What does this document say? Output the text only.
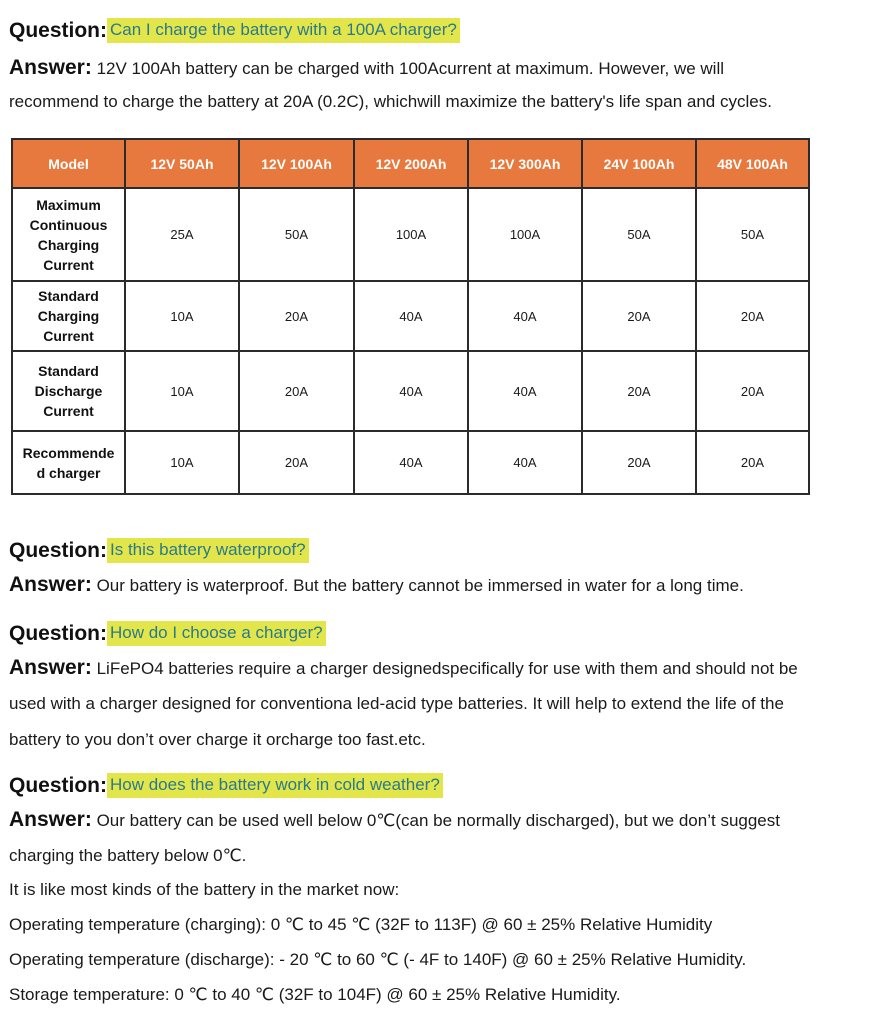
Question: Can I charge the battery with a 100A charger?
Answer: 12V 100Ah battery can be charged with 100Acurrent at maximum. However, we will
recommend to charge the battery at 20A (0.2C), whichwill maximize the battery's life span and cycles.
Model	12V 50Ah	12V 100Ah	12V 200Ah	12V 300Ah	24V 100Ah	48V 100Ah
Maximum
Continuous
Charging
Current	25A	50A	100A	100A	50A	50A
Standard
Charging
Current	10A	20A	40A	40A	20A	20A
Standard
Discharge
Current	10A	20A	40A	40A	20A	20A
Recommende
d charger	10A	20A	40A	40A	20A	20A
Question: Is this battery waterproof?
Answer: Our battery is waterproof. But the battery cannot be immersed in water for a long time.
Question: How do I choose a charger?
Answer: LiFePO4 batteries require a charger designedspecifically for use with them and should not be
used with a charger designed for conventiona led-acid type batteries. It will help to extend the life of the
battery to you don’t over charge it orcharge too fast.etc.
Question: How does the battery work in cold weather?
Answer: Our battery can be used well below 0℃(can be normally discharged), but we don’t suggest
charging the battery below 0℃.
It is like most kinds of the battery in the market now:
Operating temperature (charging): 0 ℃ to 45 ℃ (32F to 113F) @ 60 ± 25% Relative Humidity
Operating temperature (discharge): - 20 ℃ to 60 ℃ (- 4F to 140F) @ 60 ± 25% Relative Humidity.
Storage temperature: 0 ℃ to 40 ℃ (32F to 104F) @ 60 ± 25% Relative Humidity.
